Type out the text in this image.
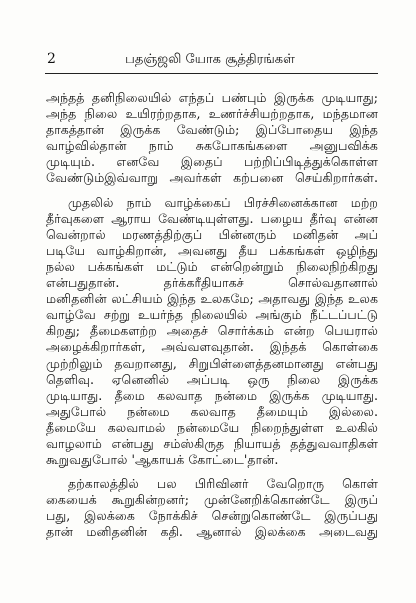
2	பதஞ்ஜலி யோக சூத்திரங்கள்
அந்தத் தனிநிலையில் எந்தப் பண்பும் இருக்க முடியாது;
அந்த நிலை உயிரற்றதாக, உணர்ச்சியற்றதாக, மந்தமான
தாகத்தான் இருக்க வேண்டும்; இப்போதைய இந்த
வாழ்வில்தான் நாம் சுகபோகங்களை அனுபவிக்க
முடியும். எனவே இதைப் பற்றிப்பிடித்துக்கொள்ள
வேண்டும்இவ்வாறு அவர்கள் கற்பனை செய்கிறார்கள்.
முதலில் நாம் வாழ்க்கைப் பிரச்சினைக்கான மற்ற
தீர்வுகளை ஆராய வேண்டியுள்ளது. பழைய தீர்வு என்ன
வென்றால் மரணத்திற்குப் பின்னரும் மனிதன் அப்
படியே வாழ்கிறான், அவனது தீய பக்கங்கள் ஒழிந்து
நல்ல பக்கங்கள் மட்டும் என்றென்றும் நிலைநிற்கிறது
என்பதுதான். தர்க்கரீதியாகச் சொல்வதானால்
மனிதனின் லட்சியம் இந்த உலகமே; அதாவது இந்த உலக
வாழ்வே சற்று உயர்ந்த நிலையில் அங்கும் நீட்டப்பட்டு
கிறது; தீமைகளற்ற அதைச் சொர்க்கம் என்ற பெயரால்
அழைக்கிறார்கள், அவ்வளவுதான். இந்தக் கொள்கை
முற்றிலும் தவறானது, சிறுபிள்ளைத்தனமானது என்பது
தெளிவு. ஏனெனில் அப்படி ஒரு நிலை இருக்க
முடியாது. தீமை கலவாத நன்மை இருக்க முடியாது.
அதுபோல் நன்மை கலவாத தீமையும் இல்லை.
தீமையே கலவாமல் நன்மையே நிறைந்துள்ள உலகில்
வாழலாம் என்பது சம்ஸ்கிருத நியாயத் தத்துவவாதிகள்
கூறுவதுபோல் 'ஆகாயக் கோட்டை'தான்.
தற்காலத்தில் பல பிரிவினர் வேறொரு கொள்
கையைக் கூறுகின்றனர்; முன்னேறிக்கொண்டே இருப்
பது, இலக்கை நோக்கிச் சென்றுகொண்டே இருப்பது
தான் மனிதனின் கதி. ஆனால் இலக்கை அடைவது
